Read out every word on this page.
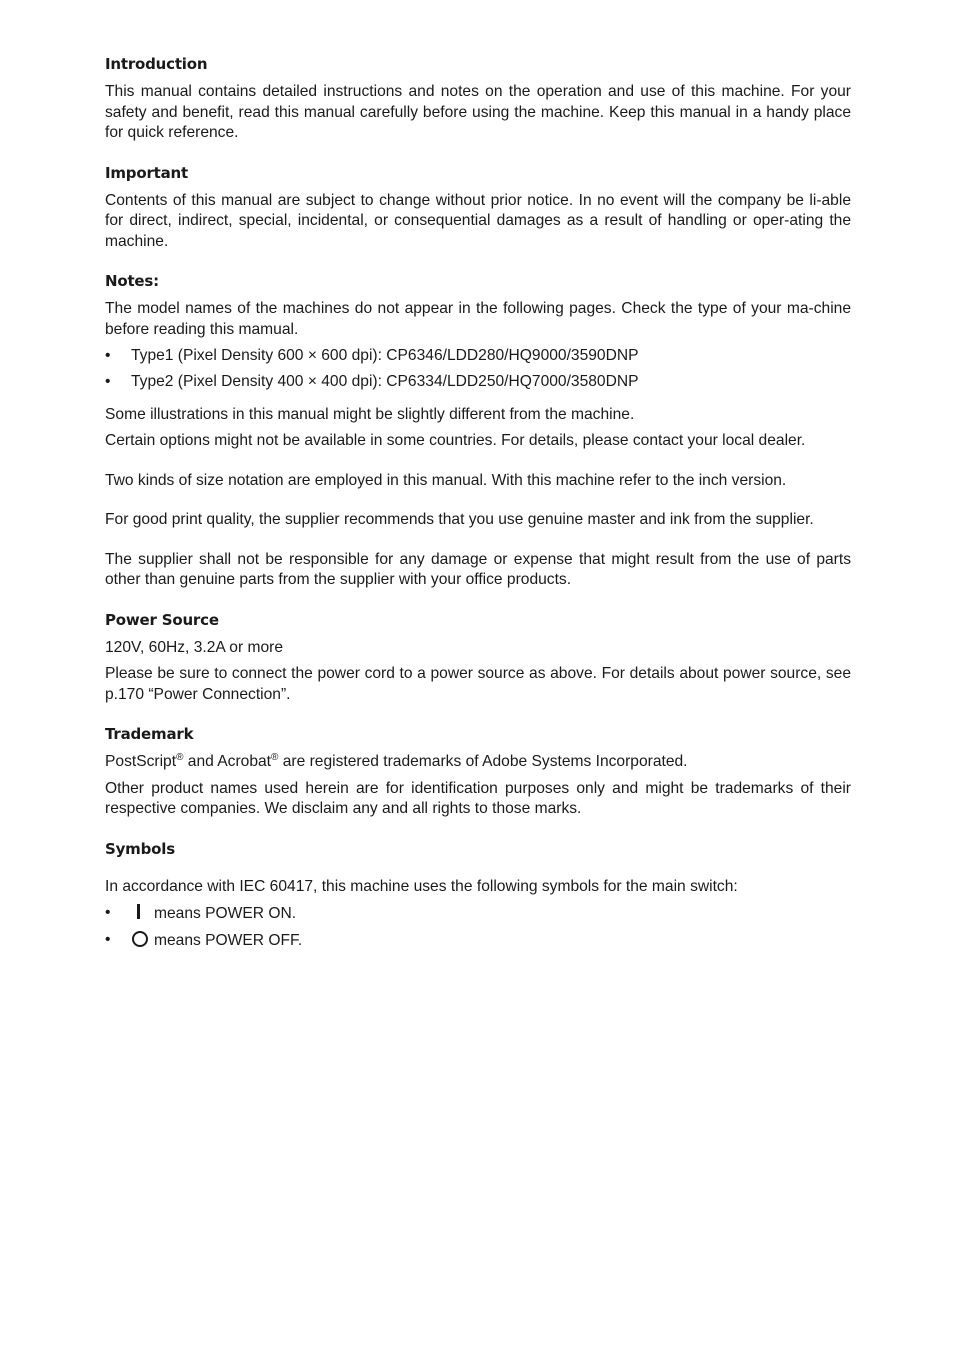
Introduction

This manual contains detailed instructions and notes on the operation and use of this machine. For your safety and benefit, read this manual carefully before using the machine. Keep this manual in a handy place for quick reference.

Important

Contents of this manual are subject to change without prior notice. In no event will the company be li-able for direct, indirect, special, incidental, or consequential damages as a result of handling or oper-ating the machine.

Notes:

The model names of the machines do not appear in the following pages. Check the type of your ma-chine before reading this mamual.

• Type1 (Pixel Density 600 × 600 dpi): CP6346/LDD280/HQ9000/3590DNP
• Type2 (Pixel Density 400 × 400 dpi): CP6334/LDD250/HQ7000/3580DNP

Some illustrations in this manual might be slightly different from the machine.

Certain options might not be available in some countries. For details, please contact your local dealer.

Two kinds of size notation are employed in this manual. With this machine refer to the inch version.

For good print quality, the supplier recommends that you use genuine master and ink from the supplier.

The supplier shall not be responsible for any damage or expense that might result from the use of parts other than genuine parts from the supplier with your office products.

Power Source

120V, 60Hz, 3.2A or more

Please be sure to connect the power cord to a power source as above. For details about power source, see p.170 “Power Connection”.

Trademark

PostScript® and Acrobat® are registered trademarks of Adobe Systems Incorporated.

Other product names used herein are for identification purposes only and might be trademarks of their respective companies. We disclaim any and all rights to those marks.

Symbols

In accordance with IEC 60417, this machine uses the following symbols for the main switch:

•	means POWER ON.
•	means POWER OFF.
